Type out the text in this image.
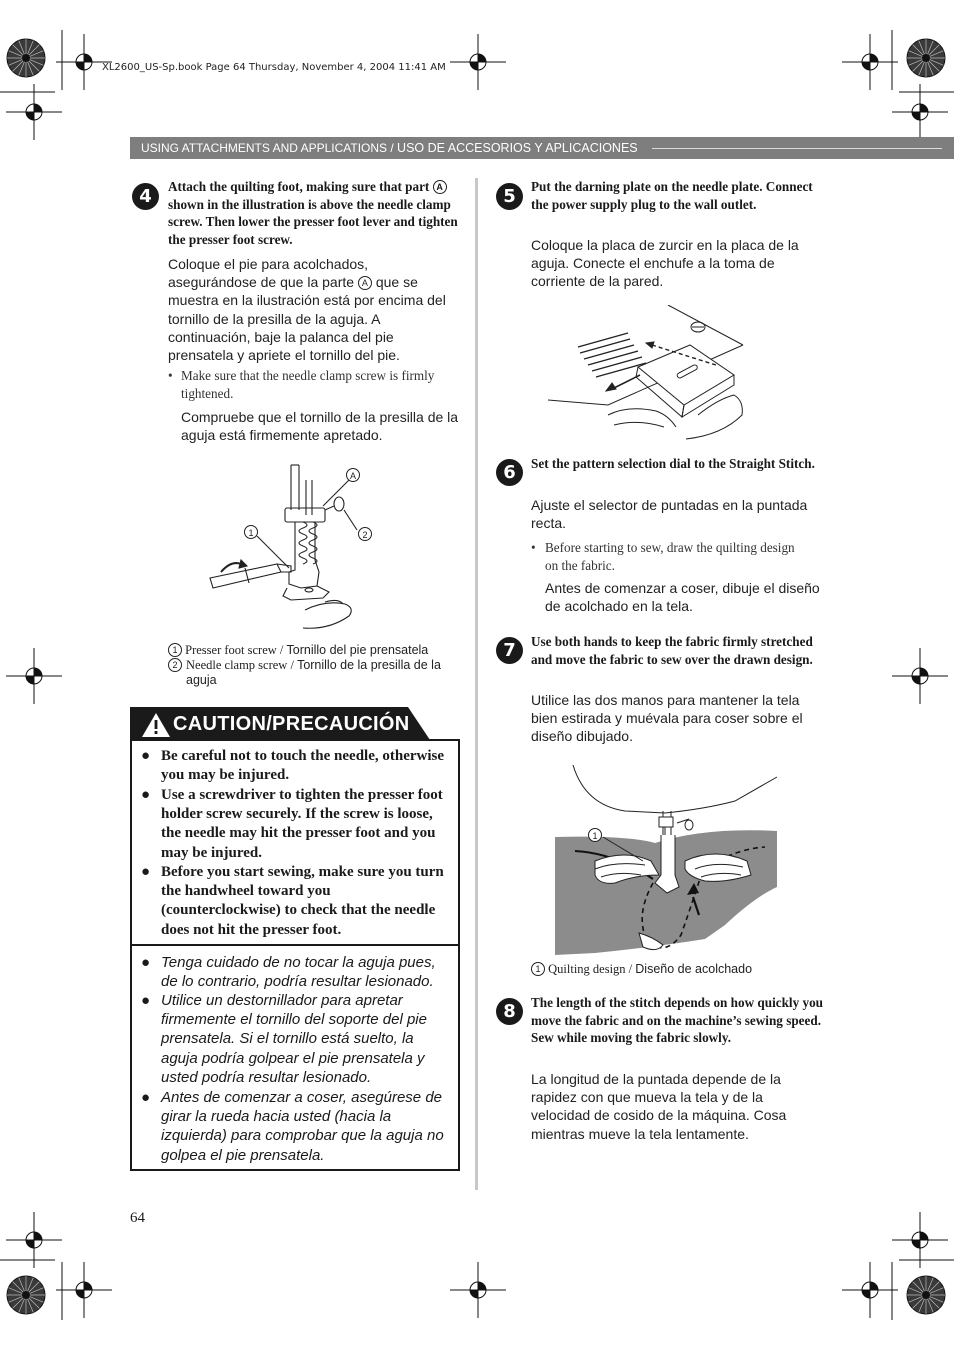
XL2600_US-Sp.book Page 64 Thursday, November 4, 2004 11:41 AM
USING ATTACHMENTS AND APPLICATIONS / USO DE ACCESORIOS Y APLICACIONES
4	Attach the quilting foot, making sure that part A shown in the illustration is above the needle clamp screw. Then lower the presser foot lever and tighten the presser foot screw.
Coloque el pie para acolchados, asegurándose de que la parte A que se muestra en la ilustración está por encima del tornillo de la presilla de la aguja. A continuación, baje la palanca del pie prensatela y apriete el tornillo del pie.
• Make sure that the needle clamp screw is firmly tightened.
Compruebe que el tornillo de la presilla de la aguja está firmemente apretado.
A
1	2
1 Presser foot screw / Tornillo del pie prensatela
2 Needle clamp screw / Tornillo de la presilla de la aguja
CAUTION/PRECAUCIÓN
● Be careful not to touch the needle, otherwise you may be injured.
● Use a screwdriver to tighten the presser foot holder screw securely. If the screw is loose, the needle may hit the presser foot and you may be injured.
● Before you start sewing, make sure you turn the handwheel toward you (counterclockwise) to check that the needle does not hit the presser foot.
● Tenga cuidado de no tocar la aguja pues, de lo contrario, podría resultar lesionado.
● Utilice un destornillador para apretar firmemente el tornillo del soporte del pie prensatela. Si el tornillo está suelto, la aguja podría golpear el pie prensatela y usted podría resultar lesionado.
● Antes de comenzar a coser, asegúrese de girar la rueda hacia usted (hacia la izquierda) para comprobar que la aguja no golpea el pie prensatela.
5	Put the darning plate on the needle plate. Connect the power supply plug to the wall outlet.
Coloque la placa de zurcir en la placa de la aguja. Conecte el enchufe a la toma de corriente de la pared.
6	Set the pattern selection dial to the Straight Stitch.
Ajuste el selector de puntadas en la puntada recta.
• Before starting to sew, draw the quilting design on the fabric.
Antes de comenzar a coser, dibuje el diseño de acolchado en la tela.
7	Use both hands to keep the fabric firmly stretched and move the fabric to sew over the drawn design.
Utilice las dos manos para mantener la tela bien estirada y muévala para coser sobre el diseño dibujado.
1
1 Quilting design / Diseño de acolchado
8	The length of the stitch depends on how quickly you move the fabric and on the machine’s sewing speed. Sew while moving the fabric slowly.
La longitud de la puntada depende de la rapidez con que mueva la tela y de la velocidad de cosido de la máquina. Cosa mientras mueve la tela lentamente.
64
